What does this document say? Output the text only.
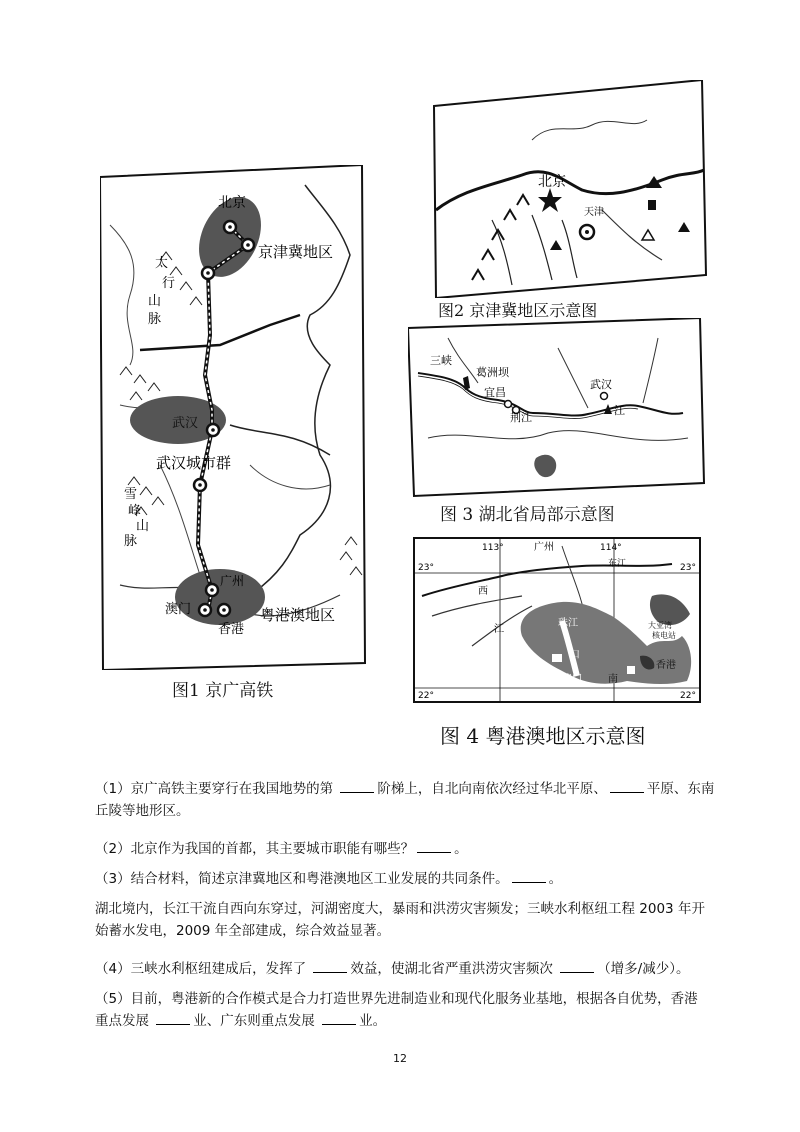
北京
京津冀地区
太
行
山
脉
武汉
武汉城市群
雪
峰
山
脉
广州
澳门
香港
粤港澳地区
图1 京广高铁
北京
天津
图2 京津冀地区示意图
三峡
葛洲坝
宜昌
荆江
武汉
江
图 3 湖北省局部示意图
113°	广州	114°
23°	23°
东江
西
江
珠江
口
大亚湾
核电站
香港
澳门	南
22°	22°
图 4 粤港澳地区示意图
（1）京广高铁主要穿行在我国地势的第	阶梯上，自北向南依次经过华北平原、	平原、东南
丘陵等地形区。
（2）北京作为我国的首都，其主要城市职能有哪些？	。
（3）结合材料，简述京津冀地区和粤港澳地区工业发展的共同条件。	。
湖北境内，长江干流自西向东穿过，河湖密度大，暴雨和洪涝灾害频发；三峡水利枢纽工程 2003 年开
始蓄水发电，2009 年全部建成，综合效益显著。
（4）三峡水利枢纽建成后，发挥了	效益，使湖北省严重洪涝灾害频次	（增多/减少）。
（5）目前，粤港新的合作模式是合力打造世界先进制造业和现代化服务业基地，根据各自优势，香港
重点发展	业、广东则重点发展	业。
12
